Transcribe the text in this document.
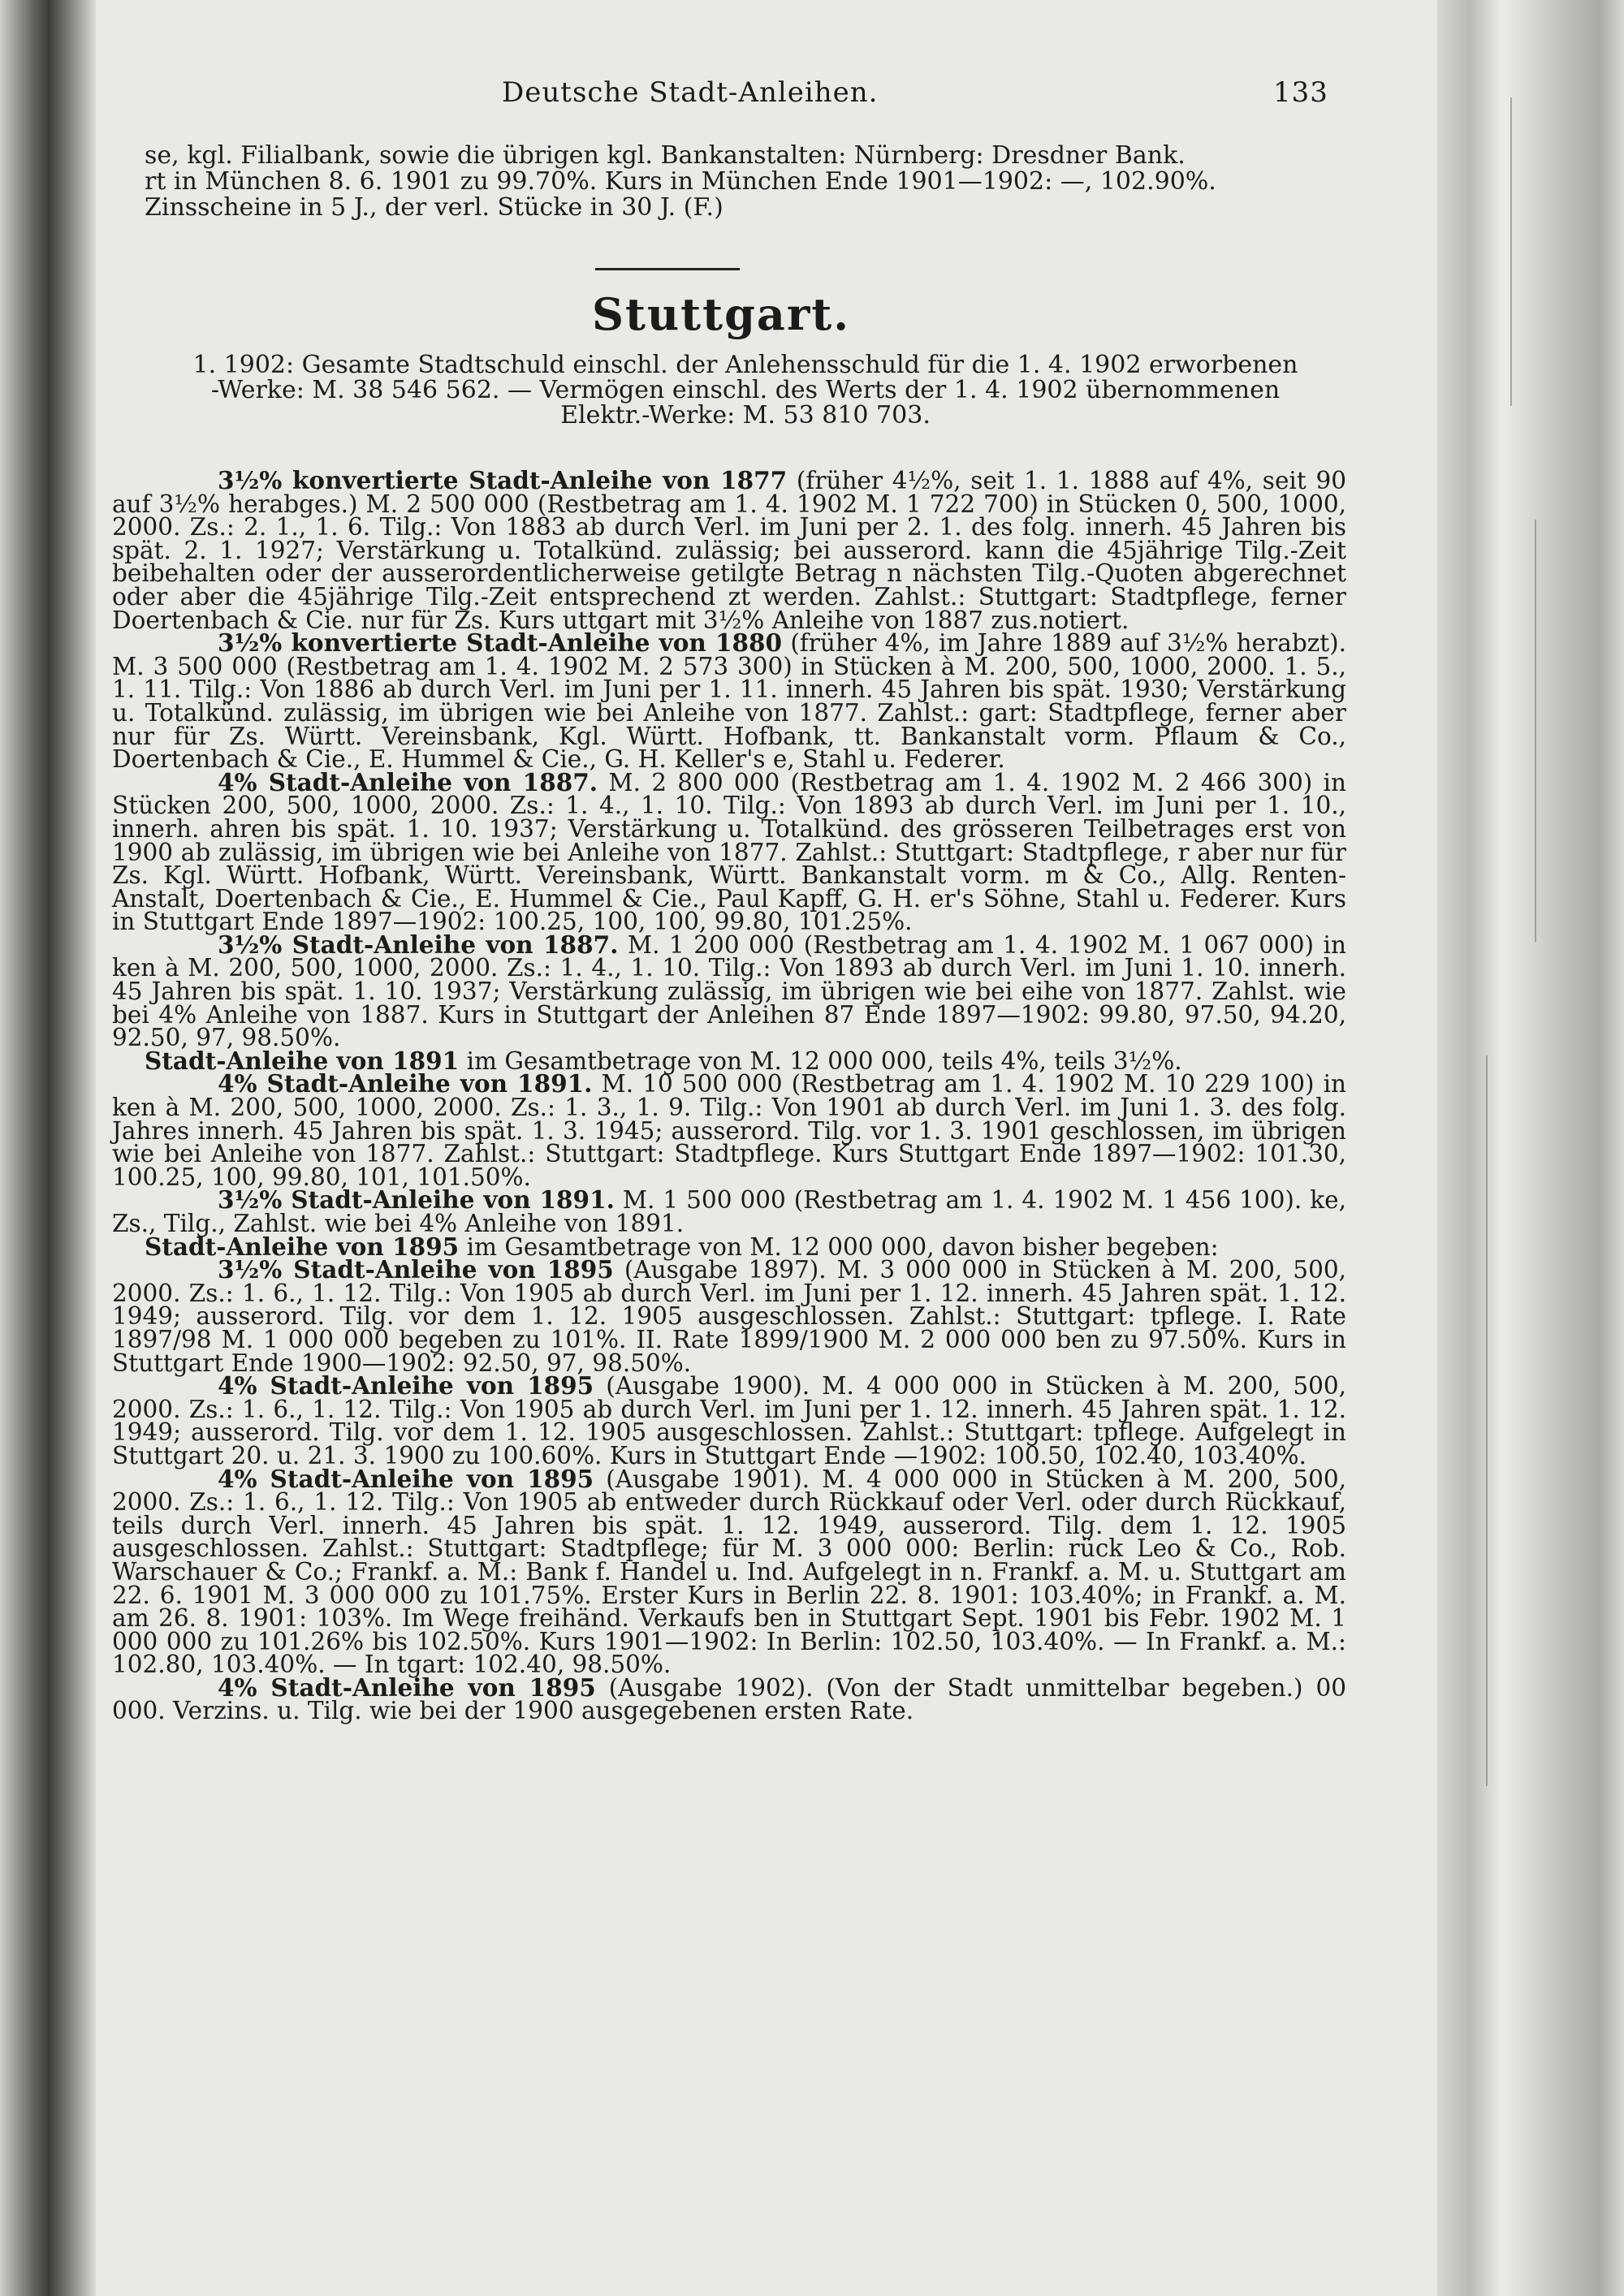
Deutsche Stadt-Anleihen.	133

se, kgl. Filialbank, sowie die übrigen kgl. Bankanstalten: Nürnberg: Dresdner Bank.

rt in München 8. 6. 1901 zu 99.70%. Kurs in München Ende 1901—1902: —, 102.90%.

Zinsscheine in 5 J., der verl. Stücke in 30 J. (F.)

Stuttgart.

1. 1902: Gesamte Stadtschuld einschl. der Anlehensschuld für die 1. 4. 1902 erworbenen

-Werke: M. 38 546 562. — Vermögen einschl. des Werts der 1. 4. 1902 übernommenen

Elektr.-Werke: M. 53 810 703.

3½% konvertierte Stadt-Anleihe von 1877 (früher 4½%, seit 1. 1. 1888 auf 4%, seit 90 auf 3½% herabges.) M. 2 500 000 (Restbetrag am 1. 4. 1902 M. 1 722 700) in Stücken 0, 500, 1000, 2000. Zs.: 2. 1., 1. 6. Tilg.: Von 1883 ab durch Verl. im Juni per 2. 1. des folg. innerh. 45 Jahren bis spät. 2. 1. 1927; Verstärkung u. Totalkünd. zulässig; bei ausserord. kann die 45jährige Tilg.-Zeit beibehalten oder der ausserordentlicherweise getilgte Betrag n nächsten Tilg.-Quoten abgerechnet oder aber die 45jährige Tilg.-Zeit entsprechend zt werden. Zahlst.: Stuttgart: Stadtpflege, ferner Doertenbach & Cie. nur für Zs. Kurs uttgart mit 3½% Anleihe von 1887 zus.notiert.

3½% konvertierte Stadt-Anleihe von 1880 (früher 4%, im Jahre 1889 auf 3½% herabzt). M. 3 500 000 (Restbetrag am 1. 4. 1902 M. 2 573 300) in Stücken à M. 200, 500, 1000, 2000. 1. 5., 1. 11. Tilg.: Von 1886 ab durch Verl. im Juni per 1. 11. innerh. 45 Jahren bis spät. 1930; Verstärkung u. Totalkünd. zulässig, im übrigen wie bei Anleihe von 1877. Zahlst.: gart: Stadtpflege, ferner aber nur für Zs. Württ. Vereinsbank, Kgl. Württ. Hofbank, tt. Bankanstalt vorm. Pflaum & Co., Doertenbach & Cie., E. Hummel & Cie., G. H. Keller's e, Stahl u. Federer.

4% Stadt-Anleihe von 1887. M. 2 800 000 (Restbetrag am 1. 4. 1902 M. 2 466 300) in Stücken 200, 500, 1000, 2000. Zs.: 1. 4., 1. 10. Tilg.: Von 1893 ab durch Verl. im Juni per 1. 10., innerh. ahren bis spät. 1. 10. 1937; Verstärkung u. Totalkünd. des grösseren Teilbetrages erst von 1900 ab zulässig, im übrigen wie bei Anleihe von 1877. Zahlst.: Stuttgart: Stadtpflege, r aber nur für Zs. Kgl. Württ. Hofbank, Württ. Vereinsbank, Württ. Bankanstalt vorm. m & Co., Allg. Renten-Anstalt, Doertenbach & Cie., E. Hummel & Cie., Paul Kapff, G. H. er's Söhne, Stahl u. Federer. Kurs in Stuttgart Ende 1897—1902: 100.25, 100, 100, 99.80, 101.25%.

3½% Stadt-Anleihe von 1887. M. 1 200 000 (Restbetrag am 1. 4. 1902 M. 1 067 000) in ken à M. 200, 500, 1000, 2000. Zs.: 1. 4., 1. 10. Tilg.: Von 1893 ab durch Verl. im Juni 1. 10. innerh. 45 Jahren bis spät. 1. 10. 1937; Verstärkung zulässig, im übrigen wie bei eihe von 1877. Zahlst. wie bei 4% Anleihe von 1887. Kurs in Stuttgart der Anleihen 87 Ende 1897—1902: 99.80, 97.50, 94.20, 92.50, 97, 98.50%.

Stadt-Anleihe von 1891 im Gesamtbetrage von M. 12 000 000, teils 4%, teils 3½%.

4% Stadt-Anleihe von 1891. M. 10 500 000 (Restbetrag am 1. 4. 1902 M. 10 229 100) in ken à M. 200, 500, 1000, 2000. Zs.: 1. 3., 1. 9. Tilg.: Von 1901 ab durch Verl. im Juni 1. 3. des folg. Jahres innerh. 45 Jahren bis spät. 1. 3. 1945; ausserord. Tilg. vor 1. 3. 1901 geschlossen, im übrigen wie bei Anleihe von 1877. Zahlst.: Stuttgart: Stadtpflege. Kurs Stuttgart Ende 1897—1902: 101.30, 100.25, 100, 99.80, 101, 101.50%.

3½% Stadt-Anleihe von 1891. M. 1 500 000 (Restbetrag am 1. 4. 1902 M. 1 456 100). ke, Zs., Tilg., Zahlst. wie bei 4% Anleihe von 1891.

Stadt-Anleihe von 1895 im Gesamtbetrage von M. 12 000 000, davon bisher begeben:

3½% Stadt-Anleihe von 1895 (Ausgabe 1897). M. 3 000 000 in Stücken à M. 200, 500, 2000. Zs.: 1. 6., 1. 12. Tilg.: Von 1905 ab durch Verl. im Juni per 1. 12. innerh. 45 Jahren spät. 1. 12. 1949; ausserord. Tilg. vor dem 1. 12. 1905 ausgeschlossen. Zahlst.: Stuttgart: tpflege. I. Rate 1897/98 M. 1 000 000 begeben zu 101%. II. Rate 1899/1900 M. 2 000 000 ben zu 97.50%. Kurs in Stuttgart Ende 1900—1902: 92.50, 97, 98.50%.

4% Stadt-Anleihe von 1895 (Ausgabe 1900). M. 4 000 000 in Stücken à M. 200, 500, 2000. Zs.: 1. 6., 1. 12. Tilg.: Von 1905 ab durch Verl. im Juni per 1. 12. innerh. 45 Jahren spät. 1. 12. 1949; ausserord. Tilg. vor dem 1. 12. 1905 ausgeschlossen. Zahlst.: Stuttgart: tpflege. Aufgelegt in Stuttgart 20. u. 21. 3. 1900 zu 100.60%. Kurs in Stuttgart Ende —1902: 100.50, 102.40, 103.40%.

4% Stadt-Anleihe von 1895 (Ausgabe 1901). M. 4 000 000 in Stücken à M. 200, 500, 2000. Zs.: 1. 6., 1. 12. Tilg.: Von 1905 ab entweder durch Rückkauf oder Verl. oder durch Rückkauf, teils durch Verl. innerh. 45 Jahren bis spät. 1. 12. 1949, ausserord. Tilg. dem 1. 12. 1905 ausgeschlossen. Zahlst.: Stuttgart: Stadtpflege; für M. 3 000 000: Berlin: rück Leo & Co., Rob. Warschauer & Co.; Frankf. a. M.: Bank f. Handel u. Ind. Aufgelegt in n. Frankf. a. M. u. Stuttgart am 22. 6. 1901 M. 3 000 000 zu 101.75%. Erster Kurs in Berlin 22. 8. 1901: 103.40%; in Frankf. a. M. am 26. 8. 1901: 103%. Im Wege freihänd. Verkaufs ben in Stuttgart Sept. 1901 bis Febr. 1902 M. 1 000 000 zu 101.26% bis 102.50%. Kurs 1901—1902: In Berlin: 102.50, 103.40%. — In Frankf. a. M.: 102.80, 103.40%. — In tgart: 102.40, 98.50%.

4% Stadt-Anleihe von 1895 (Ausgabe 1902). (Von der Stadt unmittelbar begeben.) 00 000. Verzins. u. Tilg. wie bei der 1900 ausgegebenen ersten Rate.
